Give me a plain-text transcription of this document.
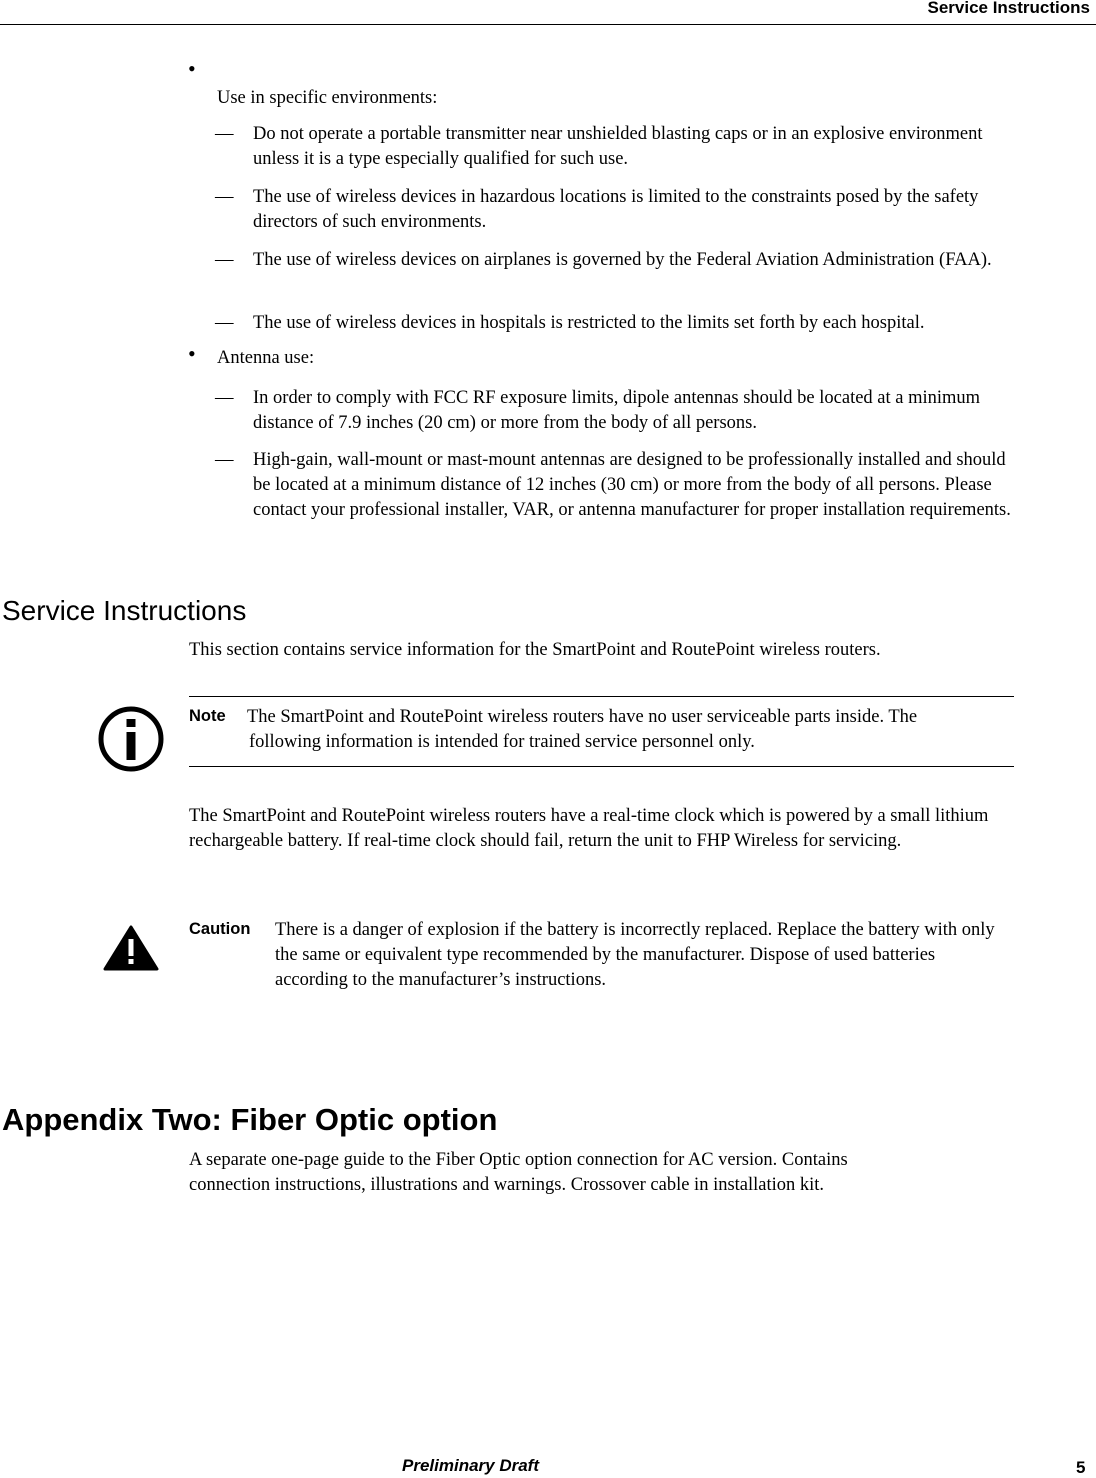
Service Instructions
•
Use in specific environments:
— Do not operate a portable transmitter near unshielded blasting caps or in an explosive environment unless it is a type especially qualified for such use.
— The use of wireless devices in hazardous locations is limited to the constraints posed by the safety directors of such environments.
— The use of wireless devices on airplanes is governed by the Federal Aviation Administration (FAA).
— The use of wireless devices in hospitals is restricted to the limits set forth by each hospital.
• Antenna use:
— In order to comply with FCC RF exposure limits, dipole antennas should be located at a minimum distance of 7.9 inches (20 cm) or more from the body of all persons.
— High-gain, wall-mount or mast-mount antennas are designed to be professionally installed and should be located at a minimum distance of 12 inches (30 cm) or more from the body of all persons. Please contact your professional installer, VAR, or antenna manufacturer for proper installation requirements.
Service Instructions
This section contains service information for the SmartPoint and RoutePoint wireless routers.
Note The SmartPoint and RoutePoint wireless routers have no user serviceable parts inside. The
following information is intended for trained service personnel only.
The SmartPoint and RoutePoint wireless routers have a real-time clock which is powered by a small lithium rechargeable battery. If real-time clock should fail, return the unit to FHP Wireless for servicing.
Caution There is a danger of explosion if the battery is incorrectly replaced. Replace the battery with only
the same or equivalent type recommended by the manufacturer. Dispose of used batteries
according to the manufacturer’s instructions.
Appendix Two: Fiber Optic option
A separate one-page guide to the Fiber Optic option connection for AC version. Contains
connection instructions, illustrations and warnings. Crossover cable in installation kit.
Preliminary Draft	5
